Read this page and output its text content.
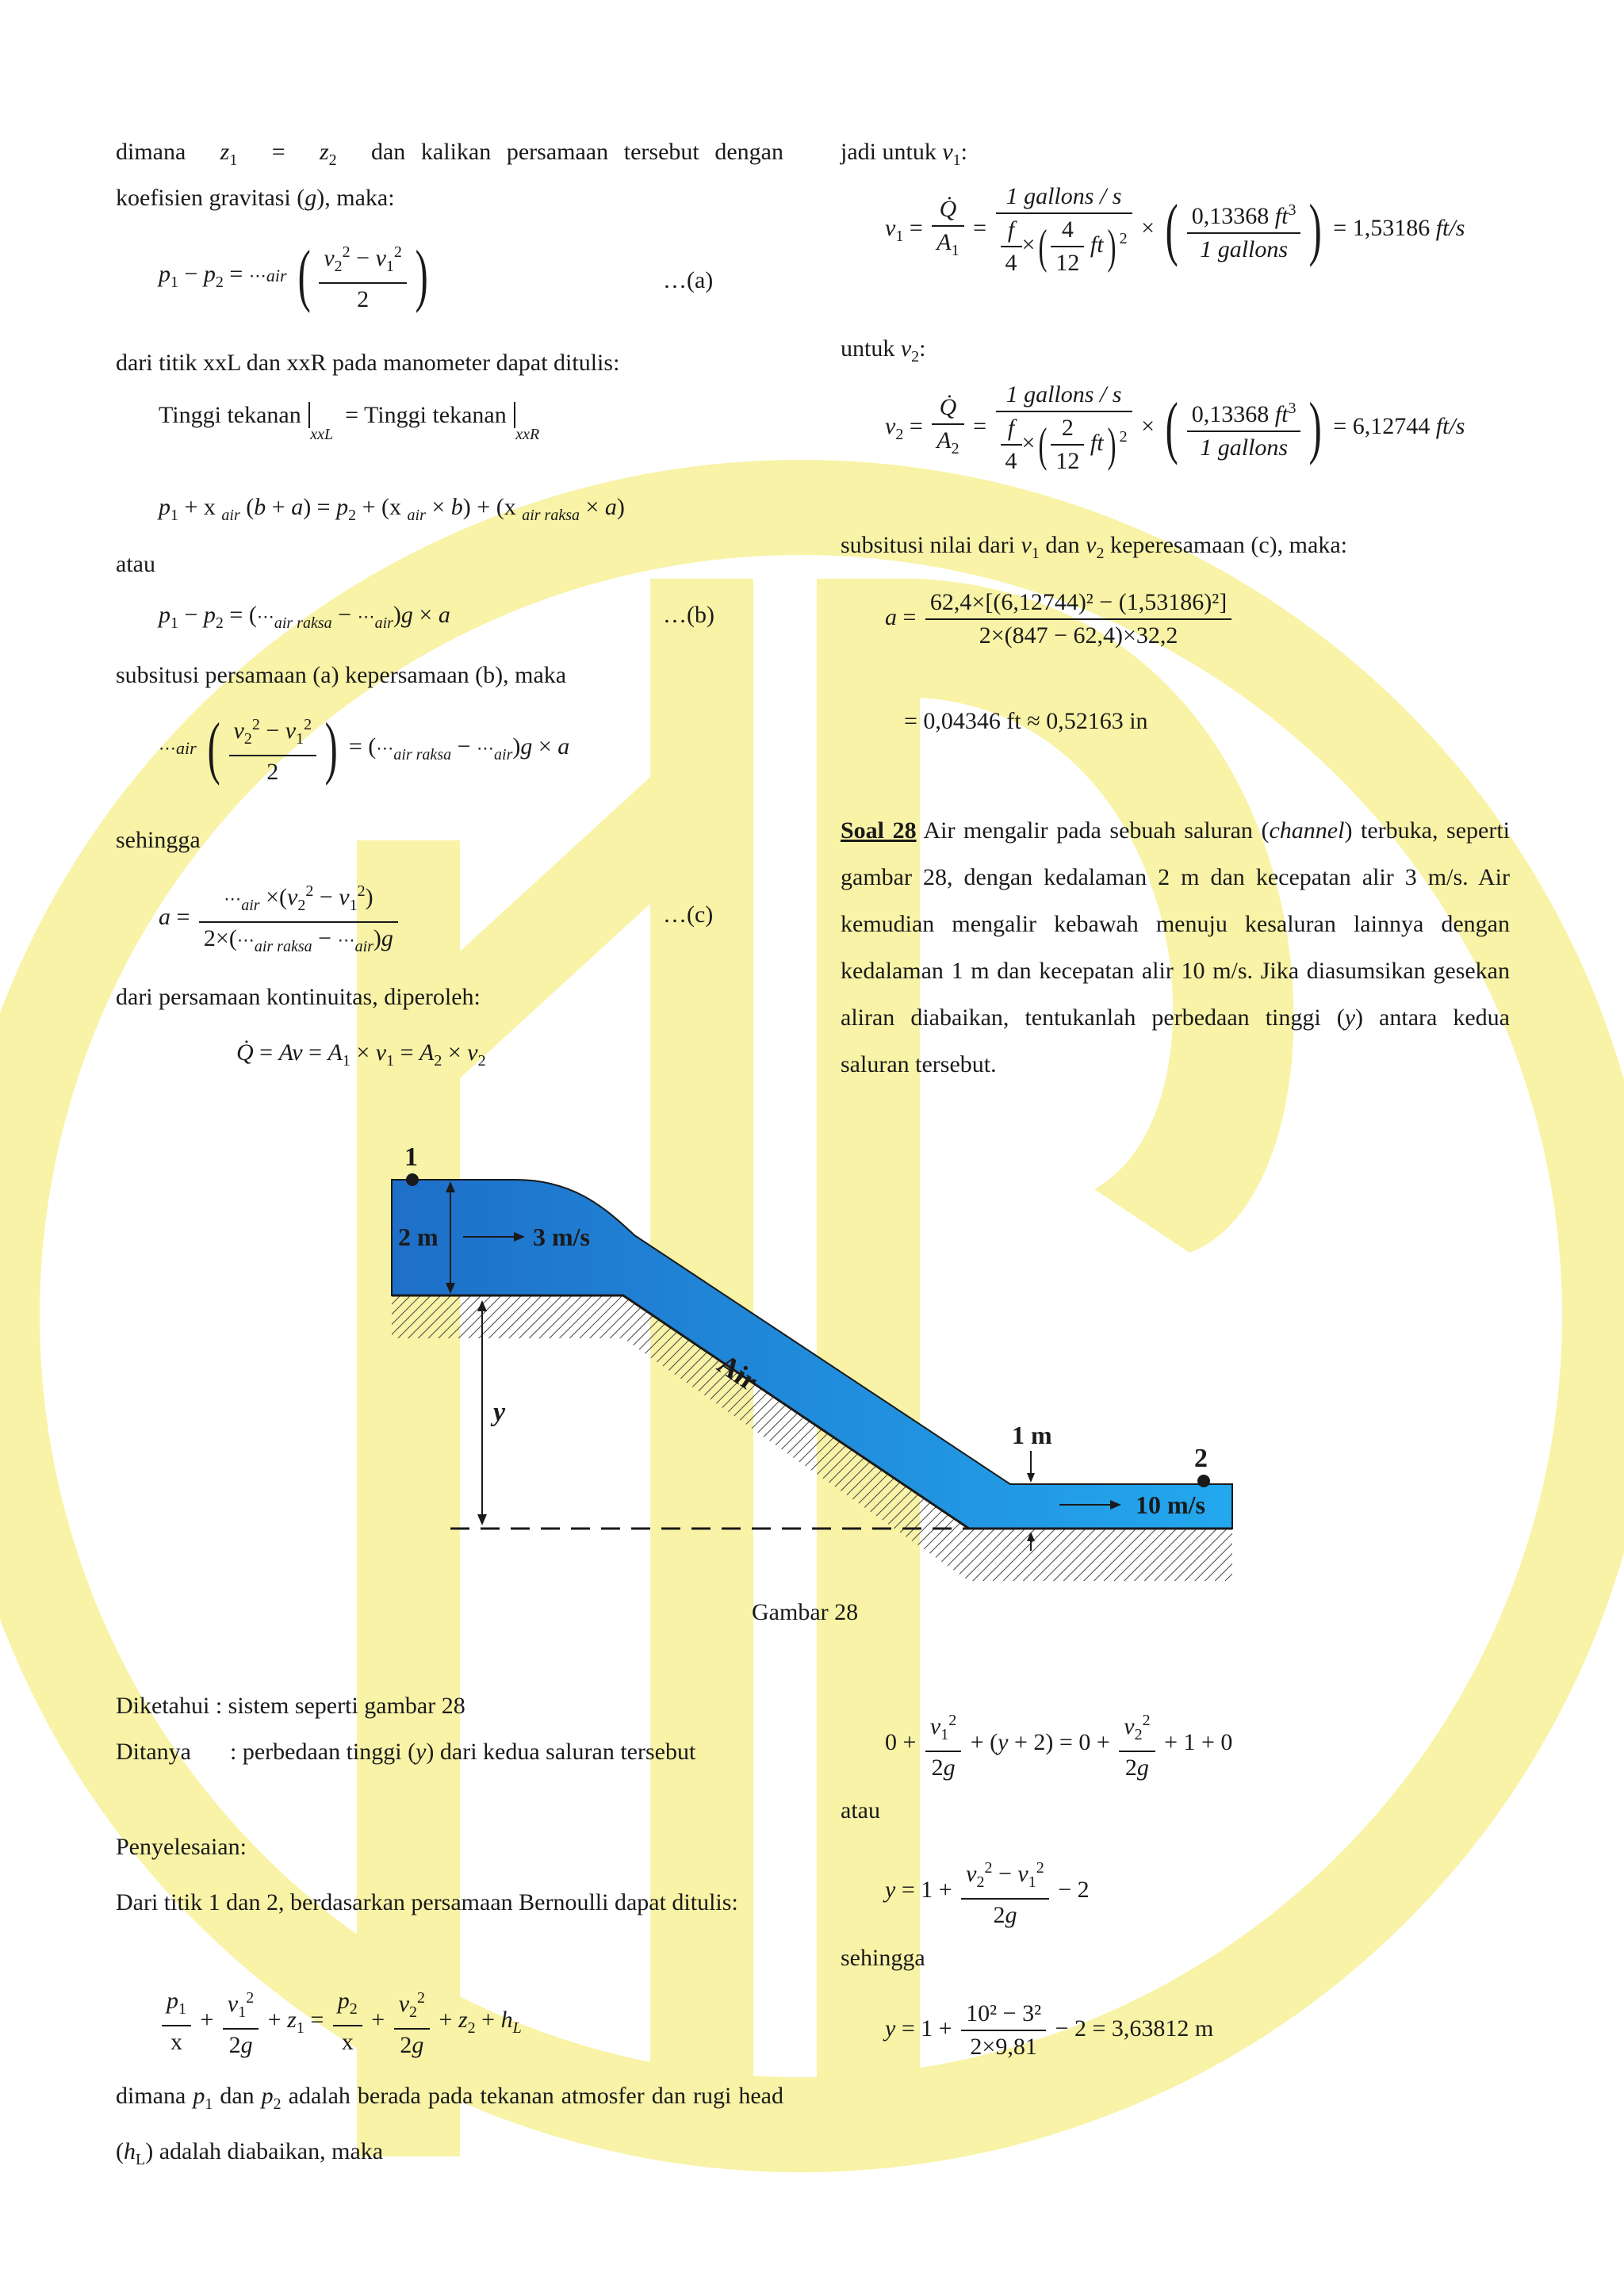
dimana $z_1 = z_2$ dan kalikan persamaan tersebut dengan
koefisien gravitasi (g), maka:
$p_1 - p_2$ = ⋯air ( $\frac{v_2^2 - v_1^2}{2}$ )	…(a)
dari titik xxL dan xxR pada manometer dapat ditulis:
Tinggi tekanan $_{xxL}$  = Tinggi tekanan $_{xxR}$
$p_1 + x$ $_{air}$ $(b + a) = p_2 + (x$ $_{air}$ × b) + (x $_{air raksa}$ × a)
atau
$p_1 - p_2$ = ($\cdots_{air raksa}$ − $\cdots_{air})g \times a$	…(b)
subsitusi persamaan (a) kepersamaan (b), maka
⋯air ( $\frac{v_2^2 - v_1^2}{2}$ ) = ($\cdots_{air raksa}$ − $\cdots_{air})g \times a$
sehingga
$a = \frac{\cdots_{air} \times(v_2^2 - v_1^2)}{2\times(\cdots_{air raksa} - \cdots_{air})g}$	…(c)
dari persamaan kontinuitas, diperoleh:
Q̇ = $Av = A_1 \times v_1 = A_2 \times v_2$
jadi untuk $v_1$:
$v_1 = \frac{Q̇}{A_1} = \frac{\text{1 gallons / s}}{\frac{f}{4} \times( \frac{4}{12} ft) ^2}$ × ( $\frac{0,13368 ft^3}{\text{1 gallons}}$ ) = 1,53186 ft/s
untuk $v_2$:
$v_2 = \frac{Q̇}{A_2} = \frac{\text{1 gallons / s}}{\frac{f}{4} \times( \frac{2}{12} ft) ^2}$ × ( $\frac{0,13368 ft^3}{\text{1 gallons}}$ ) = 6,12744 ft/s
subsitusi nilai dari $v_1$ dan $v_2$ keperesamaan (c), maka:
$a = \frac{\text{62,4×[(6,12744)² − (1,53186)²]}}{2\times(847 - 62,4)\times 32,2}$
= 0,04346 ft ≈ 0,52163 in
Soal 28 Air mengalir pada sebuah saluran (channel) terbuka, seperti gambar 28, dengan kedalaman 2 m dan kecepatan alir 3 m/s. Air kemudian mengalir kebawah menuju kesaluran lainnya dengan kedalaman 1 m dan kecepatan alir 10 m/s. Jika diasumsikan gesekan aliran diabaikan, tentukanlah perbedaan tinggi (y) antara kedua saluran tersebut.
1
2 m	3 m/s
Air
y
1 m
2
10 m/s
Gambar 28
Diketahui : sistem seperti gambar 28
Ditanya : perbedaan tinggi (y) dari kedua saluran tersebut
Penyelesaian:
Dari titik 1 dan 2, berdasarkan persamaan Bernoulli dapat ditulis:
$\frac{p_1}{x} + \frac{v_1^2}{2g} + z_1 = \frac{p_2}{x} + \frac{v_2^2}{2g} + z_2 + h_L$
dimana $p_1$ dan $p_2$ adalah berada pada tekanan atmosfer dan rugi head $(h_L)$ adalah diabaikan, maka
$0 + \frac{v_1^2}{2g} + (y + 2) = 0 + \frac{v_2^2}{2g} + 1 + 0$
atau
$y = 1 + \frac{v_2^2 - v_1^2}{2g} - 2$
sehingga
$y = 1 + \frac{\text{10² − 3²}}{2\times 9,81} - 2 = 3,63812$ m
